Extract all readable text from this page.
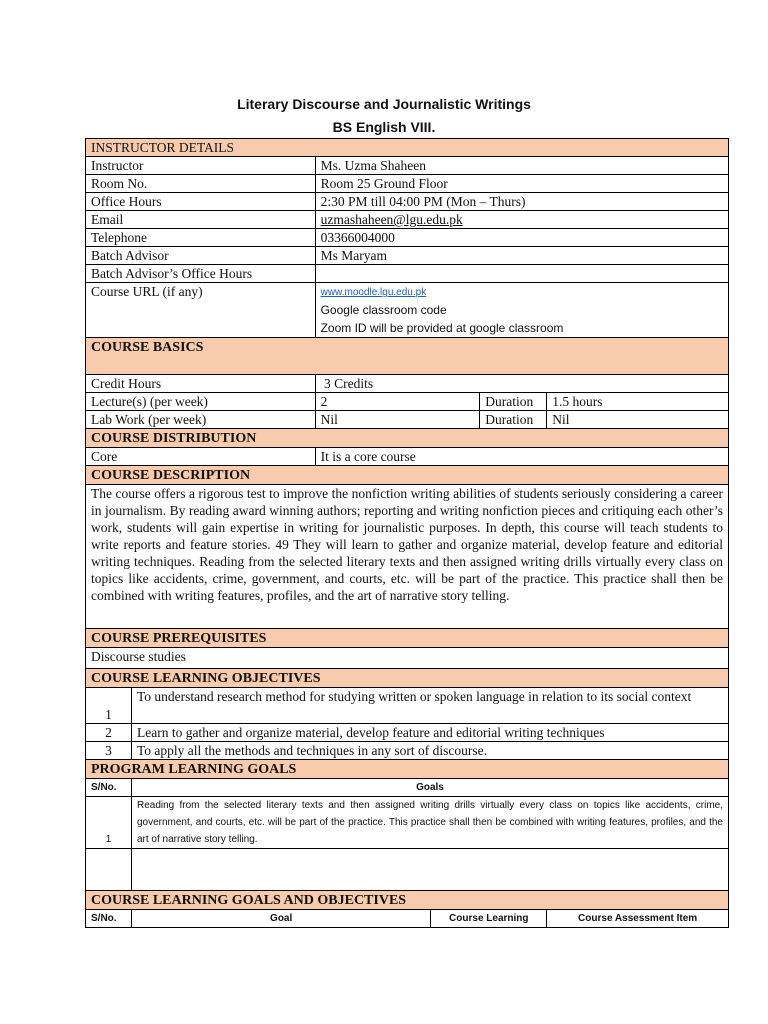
Literary Discourse and Journalistic Writings
BS English VIII.
INSTRUCTOR DETAILS					
Instructor		Ms. Uzma Shaheen			
Room No.		Room 25 Ground Floor			
Office Hours		2:30 PM till 04:00 PM (Mon – Thurs)			
Email		uzmashaheen@lgu.edu.pk			
Telephone		03366004000			
Batch Advisor		Ms Maryam			
Batch Advisor’s Office Hours					
Course URL (if any)		www.moodle.lgu.edu.pk
Google classroom code
Zoom ID will be provided at google classroom			

COURSE BASICS					
Credit Hours		3 Credits			
Lecture(s) (per week)		2		Duration	1.5 hours
Lab Work (per week)		Nil		Duration	Nil
COURSE DISTRIBUTION					
Core		It is a core course			
COURSE DESCRIPTION					
The course offers a rigorous test to improve the nonfiction writing abilities of students seriously considering a career in journalism. By reading award winning authors; reporting and writing nonfiction pieces and critiquing each other’s work, students will gain expertise in writing for journalistic purposes. In depth, this course will teach students to write reports and feature stories. 49 They will learn to gather and organize material, develop feature and editorial writing techniques. Reading from the selected literary texts and then assigned writing drills virtually every class on topics like accidents, crime, government, and courts, etc. will be part of the practice. This practice shall then be combined with writing features, profiles, and the art of narrative story telling.					
COURSE PREREQUISITES					
Discourse studies					
COURSE LEARNING OBJECTIVES					
1	To understand research method for studying written or spoken language in relation to its social context				
2	Learn to gather and organize material, develop feature and editorial writing techniques				
3	To apply all the methods and techniques in any sort of discourse.				
PROGRAM LEARNING GOALS					
S/No.	Goals				
1	Reading from the selected literary texts and then assigned writing drills virtually every class on topics like accidents, crime, government, and courts, etc. will be part of the practice. This practice shall then be combined with writing features, profiles, and the art of narrative story telling.				

COURSE LEARNING GOALS AND OBJECTIVES					
S/No.	Goal		Course Learning		Course Assessment Item
